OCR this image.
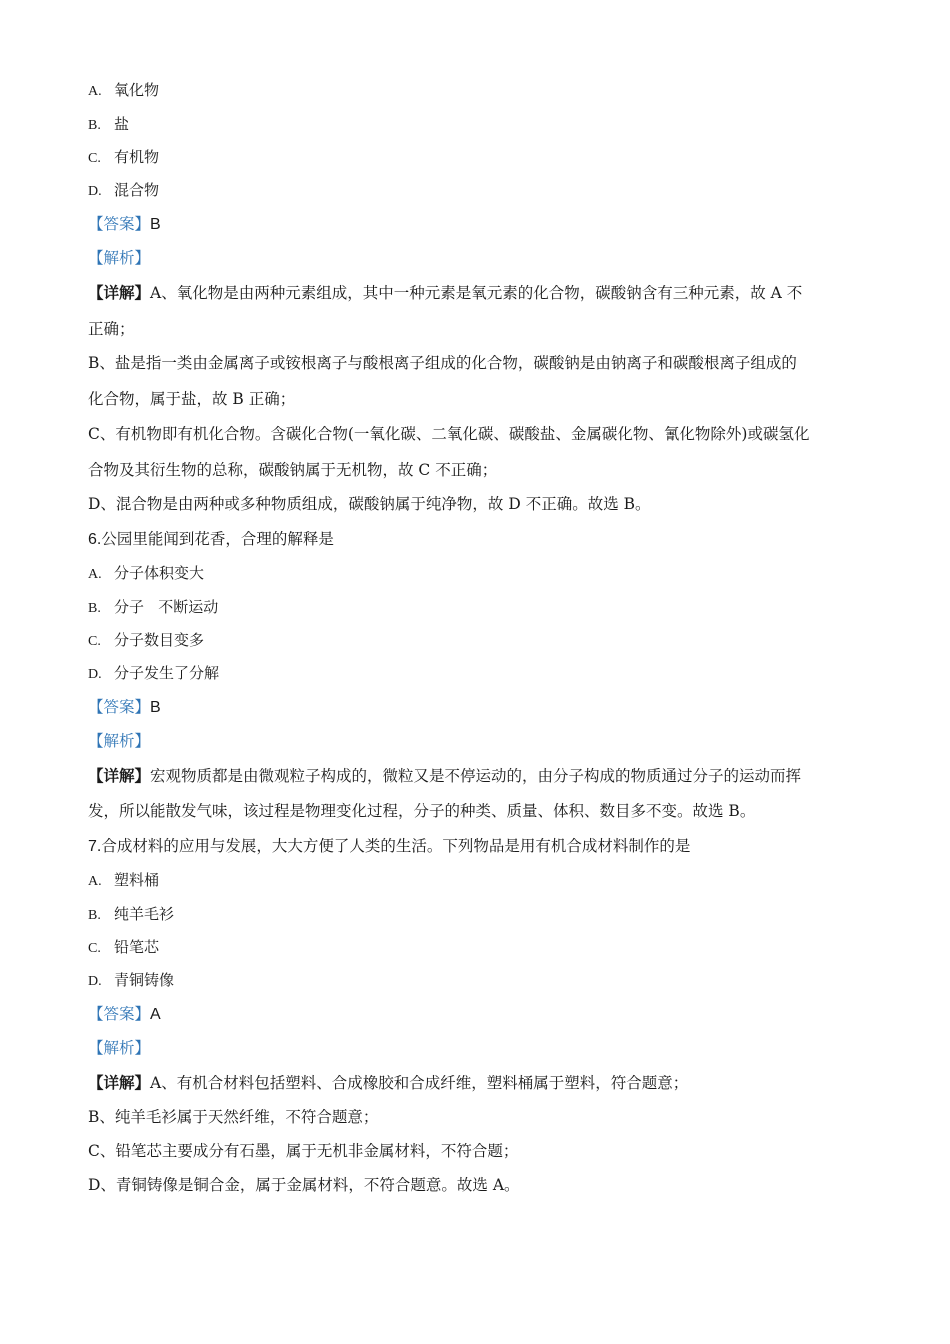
A. 氧化物
B. 盐
C. 有机物
D. 混合物
【答案】B
【解析】
【详解】A、氧化物是由两种元素组成，其中一种元素是氧元素的化合物，碳酸钠含有三种元素，故 A 不
正确；
B、盐是指一类由金属离子或铵根离子与酸根离子组成的化合物，碳酸钠是由钠离子和碳酸根离子组成的
化合物，属于盐，故 B 正确；
C、有机物即有机化合物。含碳化合物(一氧化碳、二氧化碳、碳酸盐、金属碳化物、氰化物除外)或碳氢化
合物及其衍生物的总称，碳酸钠属于无机物，故 C 不正确；
D、混合物是由两种或多种物质组成，碳酸钠属于纯净物，故 D 不正确。故选 B。
6.公园里能闻到花香，合理的解释是
A. 分子体积变大
B. 分子   不断运动
C. 分子数目变多
D. 分子发生了分解
【答案】B
【解析】
【详解】宏观物质都是由微观粒子构成的，微粒又是不停运动的，由分子构成的物质通过分子的运动而挥
发，所以能散发气味，该过程是物理变化过程，分子的种类、质量、体积、数目多不变。故选 B。
7.合成材料的应用与发展，大大方便了人类的生活。下列物品是用有机合成材料制作的是
A. 塑料桶
B. 纯羊毛衫
C. 铅笔芯
D. 青铜铸像
【答案】A
【解析】
【详解】A、有机合材料包括塑料、合成橡胶和合成纤维，塑料桶属于塑料，符合题意；
B、纯羊毛衫属于天然纤维，不符合题意；
C、铅笔芯主要成分有石墨，属于无机非金属材料，不符合题；
D、青铜铸像是铜合金，属于金属材料，不符合题意。故选 A。
